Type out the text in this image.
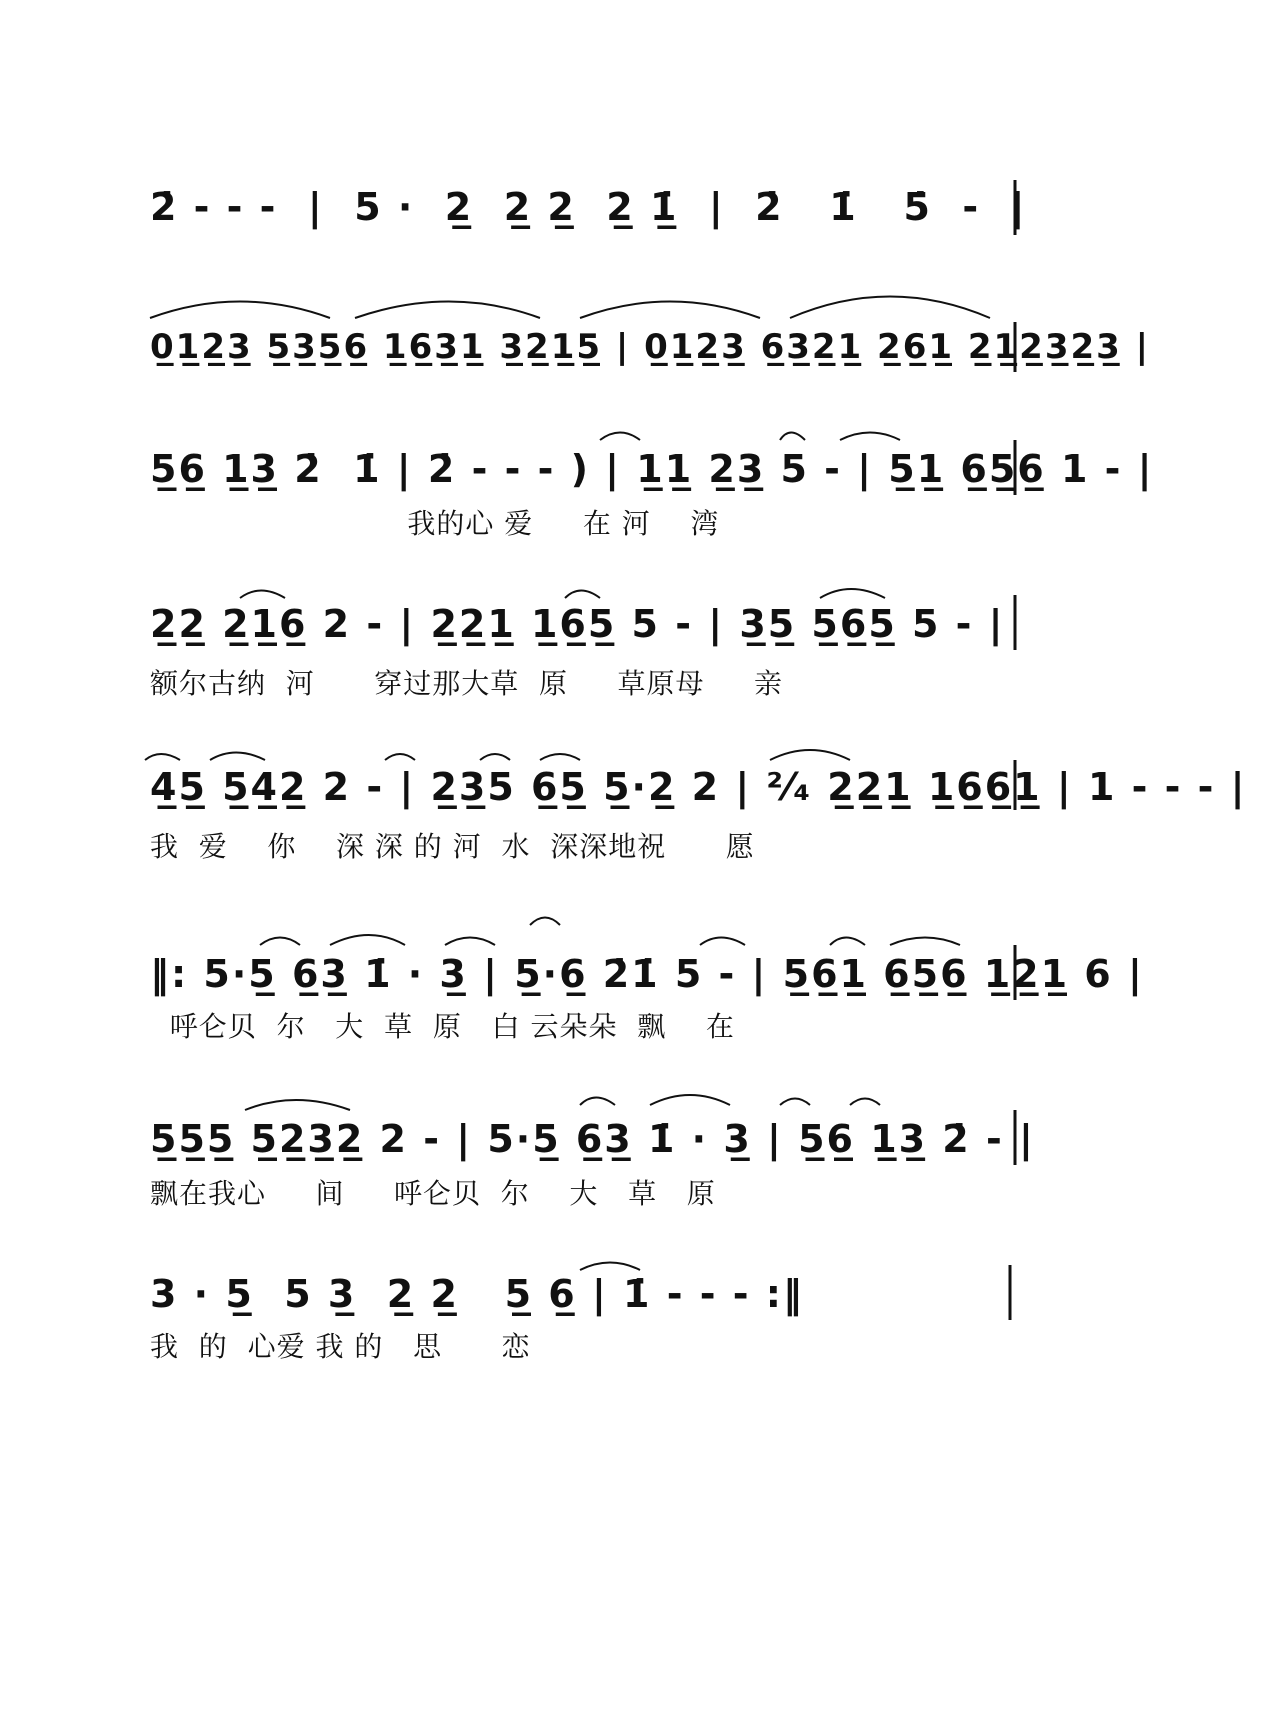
2̇ - - -  |  5 ·  2̲  2̲ 2̲  2̲ 1̲̇  |  2̇   1̇   5̇  -  |
0̲1̲2̲3̲ 5̲3̲5̲6̲ 1̲6̲3̲1̲ 3̲2̲1̲5̲ | 0̲1̲2̲3̲ 6̲3̲2̲1̲ 2̲6̲1̲ 2̲1̲2̲3̲2̲3̲ |
5̲6̲ 1̲3̲ 2̇  1̇ | 2̇ - - - ) | 1̲1̲ 2̲3̲ 5 - | 5̲1̲ 6̲5̲6̲ 1 - |
我的心 爱     在 河    湾
2̲2̲ 2̲1̲6̲ 2 - | 2̲2̲1̲ 1̲6̲5̲ 5 - | 3̲5̲ 5̲6̲5̲ 5 - |
额尔古纳  河      穿过那大草  原     草原母     亲
4̲5̲ 5̲4̲2̲ 2 - | 2̲3̲5 6̲5̲ 5̲·2̲ 2 | ²⁄₄ 2̲2̲1̲ 1̲6̲6̲1̲ | 1 - - - |
我  爱    你    深 深 的 河  水  深深地祝      愿
‖: 5·5̲ 6̲3̲ 1̇ · 3̲ | 5̲·6̲ 2̇1̇ 5 - | 5̲6̲1̲ 6̲5̲6̲ 1̲2̲1̲ 6 |
呼仑贝  尔   大  草  原   白 云朵朵  飘    在
5̲5̲5̲ 5̲2̲3̲2̲ 2 - | 5·5̲ 6̲3̲ 1̇ · 3̲ | 5̲6̲ 1̲3̲ 2̇ - |
飘在我心     间     呼仑贝  尔    大   草   原
3 · 5̲  5 3̲  2̲ 2̲   5̲ 6̲ | 1̇ - - - :‖
我  的  心爱 我 的   思      恋
